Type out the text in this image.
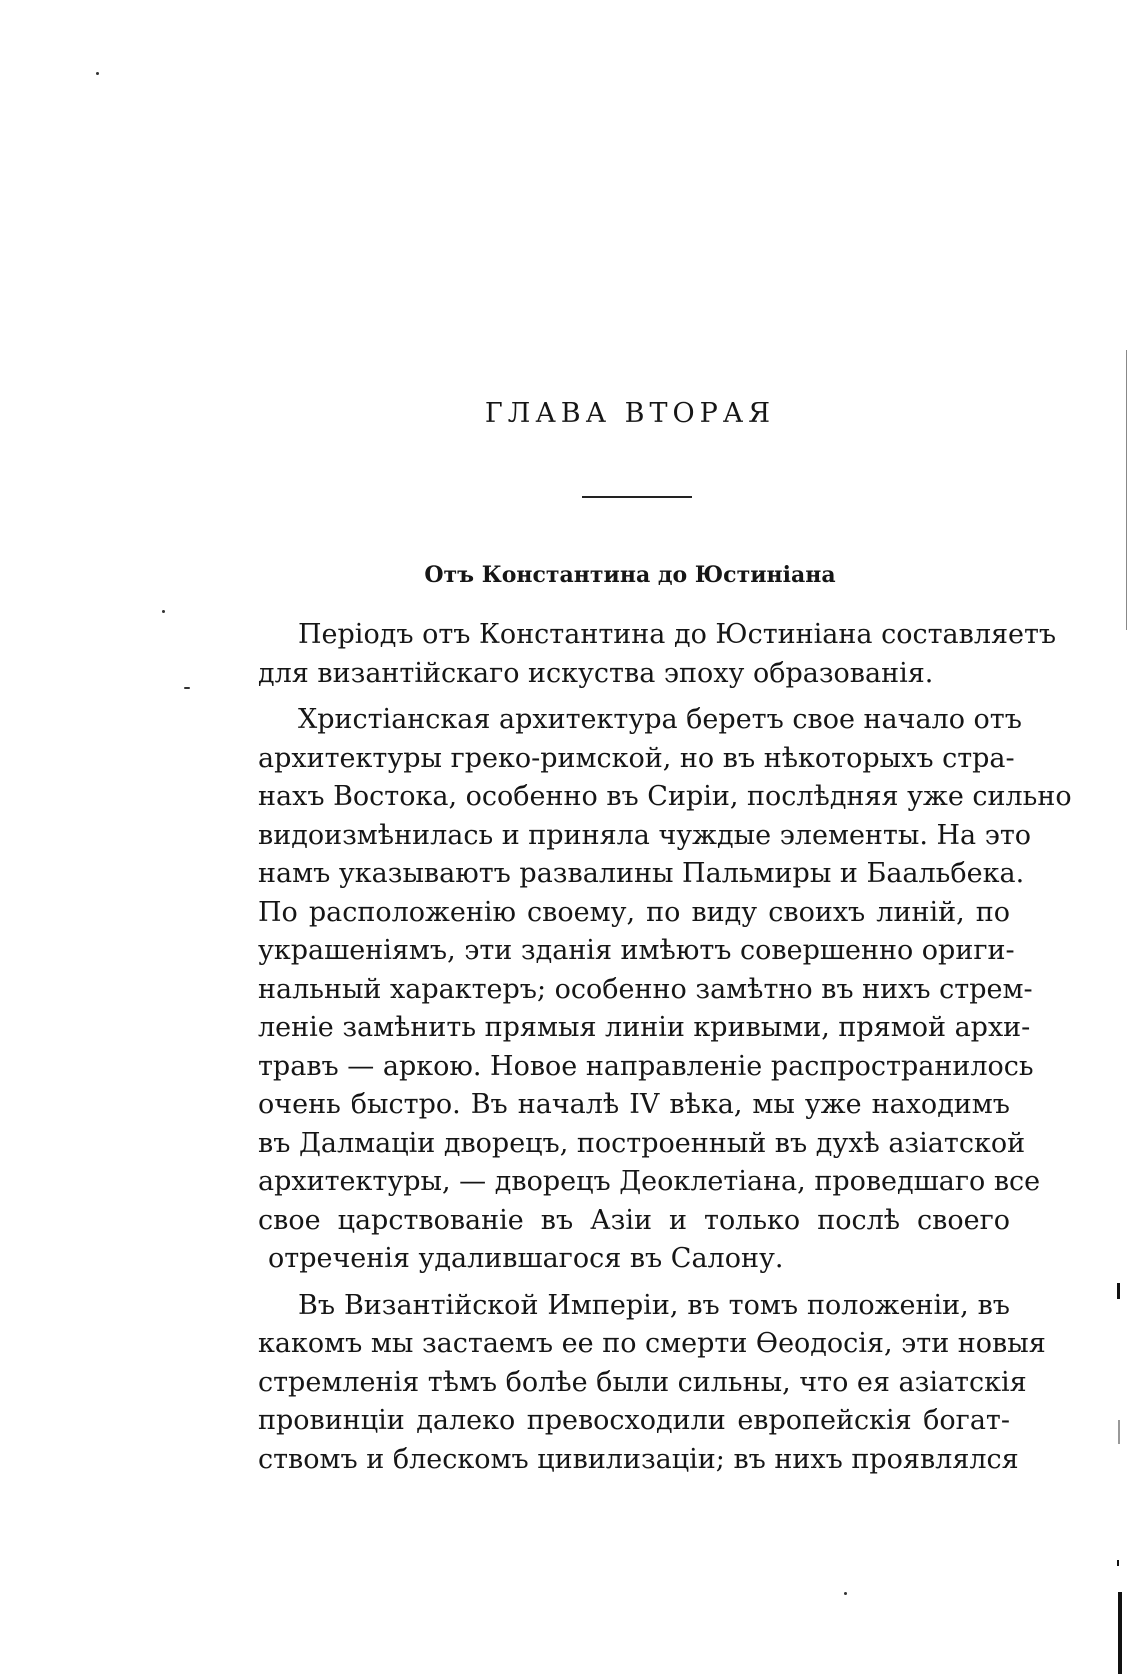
ГЛАВА ВТОРАЯ
Отъ Константина до Юстиніана
Періодъ отъ Константина до Юстиніана составляетъ
для византійскаго искуства эпоху образованія.
Христіанская архитектура беретъ свое начало отъ
архитектуры греко-римской, но въ нѣкоторыхъ стра-
нахъ Востока, особенно въ Сиріи, послѣдняя уже сильно
видоизмѣнилась и приняла чуждые элементы. На это
намъ указываютъ развалины Пальмиры и Баальбека.
По расположенію своему, по виду своихъ линій, по
украшеніямъ, эти зданія имѣютъ совершенно ориги-
нальный характеръ; особенно замѣтно въ нихъ стрем-
леніе замѣнить прямыя линіи кривыми, прямой архи-
травъ — аркою. Новое направленіе распространилось
очень быстро. Въ началѣ IV вѣка, мы уже находимъ
въ Далмаціи дворецъ, построенный въ духѣ азіатской
архитектуры, — дворецъ Деоклетіана, проведшаго все
свое царствованіе въ Азіи и только послѣ своего
отреченія удалившагося въ Салону.
Въ Византійской Имперіи, въ томъ положеніи, въ
какомъ мы застаемъ ее по смерти Ѳеодосія, эти новыя
стремленія тѣмъ болѣе были сильны, что ея азіатскія
провинціи далеко превосходили европейскія богат-
ствомъ и блескомъ цивилизаціи; въ нихъ проявлялся
